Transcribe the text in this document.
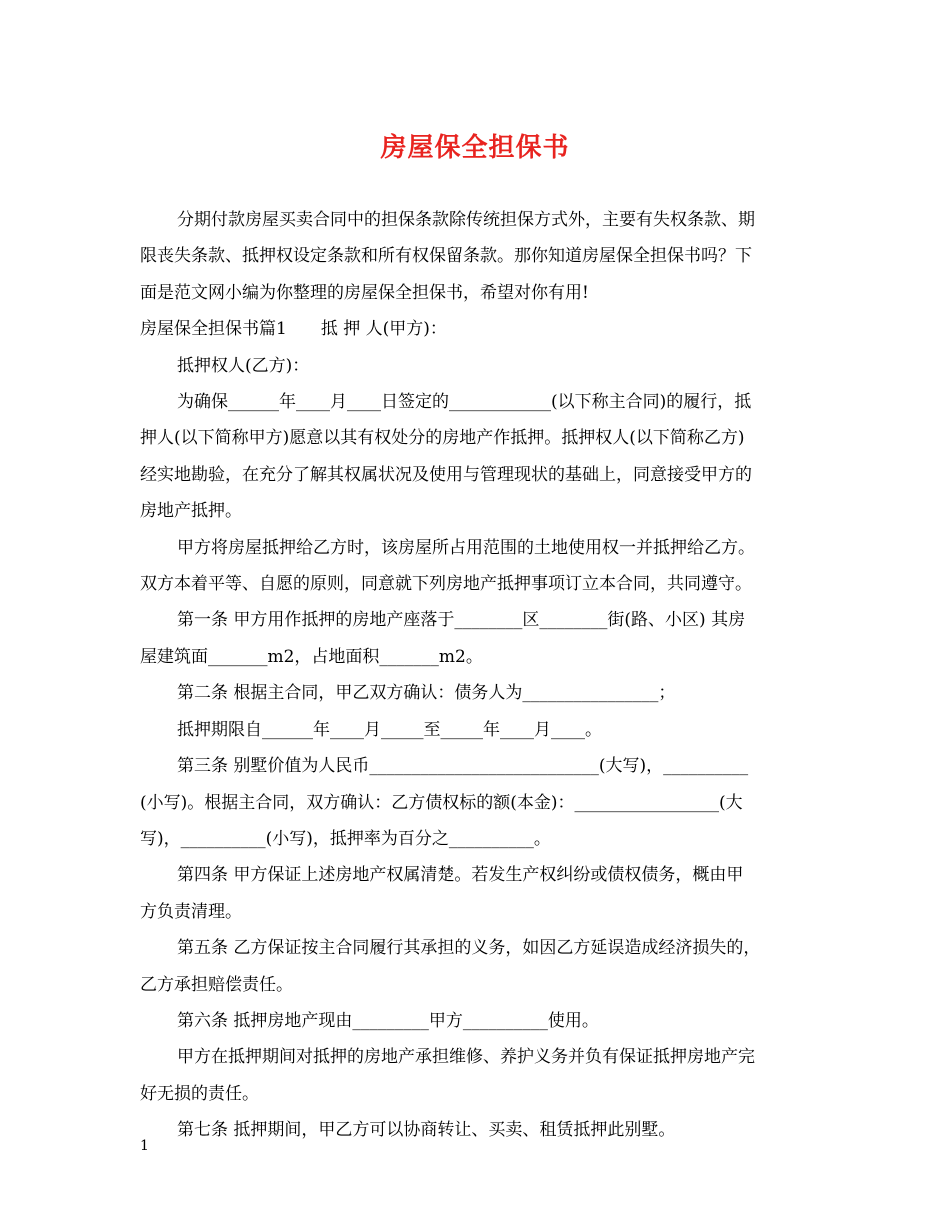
房屋保全担保书

分期付款房屋买卖合同中的担保条款除传统担保方式外，主要有失权条款、期

限丧失条款、抵押权设定条款和所有权保留条款。那你知道房屋保全担保书吗？下

面是范文网小编为你整理的房屋保全担保书，希望对你有用!

房屋保全担保书篇1　　抵 押 人(甲方)：

抵押权人(乙方)：

为确保______年____月____日签定的____________(以下称主合同)的履行，抵

押人(以下简称甲方)愿意以其有权处分的房地产作抵押。抵押权人(以下简称乙方)

经实地勘验，在充分了解其权属状况及使用与管理现状的基础上，同意接受甲方的

房地产抵押。

甲方将房屋抵押给乙方时，该房屋所占用范围的土地使用权一并抵押给乙方。

双方本着平等、自愿的原则，同意就下列房地产抵押事项订立本合同，共同遵守。

第一条 甲方用作抵押的房地产座落于________区________街(路、小区) 其房

屋建筑面_______m2，占地面积_______m2。

第二条 根据主合同，甲乙双方确认：债务人为________________；

抵押期限自______年____月_____至_____年____月____。

第三条 别墅价值为人民币___________________________(大写)，__________

(小写)。根据主合同，双方确认：乙方债权标的额(本金)：_________________(大

写)，__________(小写)，抵押率为百分之__________。

第四条 甲方保证上述房地产权属清楚。若发生产权纠纷或债权债务，概由甲

方负责清理。

第五条 乙方保证按主合同履行其承担的义务，如因乙方延误造成经济损失的，

乙方承担赔偿责任。

第六条 抵押房地产现由_________甲方__________使用。

甲方在抵押期间对抵押的房地产承担维修、养护义务并负有保证抵押房地产完

好无损的责任。

第七条 抵押期间，甲乙方可以协商转让、买卖、租赁抵押此别墅。

1
